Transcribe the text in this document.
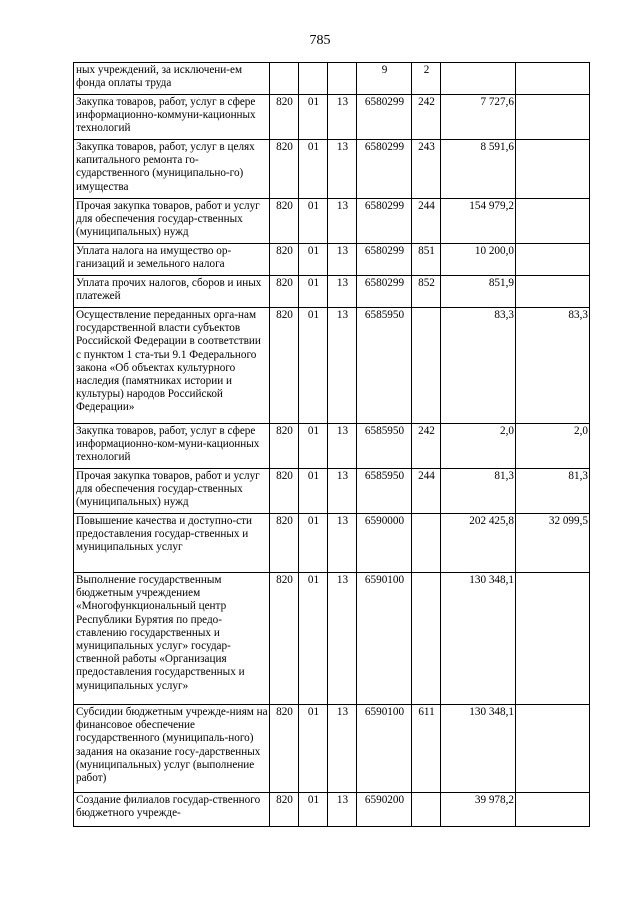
785
ных учреждений, за исключени-ем фонда оплаты труда				9	2		
Закупка товаров, работ, услуг в сфере информационно-коммуни-кационных технологий	820	01	13	6580299	242	7 727,6	
Закупка товаров, работ, услуг в целях капитального ремонта го-сударственного (муниципально-го) имущества	820	01	13	6580299	243	8 591,6	
Прочая закупка товаров, работ и услуг для обеспечения государ-ственных (муниципальных) нужд	820	01	13	6580299	244	154 979,2	
Уплата налога на имущество ор-ганизаций и земельного налога	820	01	13	6580299	851	10 200,0	
Уплата прочих налогов, сборов и иных платежей	820	01	13	6580299	852	851,9	
Осуществление переданных орга-нам государственной власти субъектов Российской Федерации в соответствии с пунктом 1 ста-тьи 9.1 Федерального закона «Об объектах культурного наследия (памятниках истории и культуры) народов Российской Федерации»	820	01	13	6585950		83,3	83,3
Закупка товаров, работ, услуг в сфере информационно-ком-муни-кационных технологий	820	01	13	6585950	242	2,0	2,0
Прочая закупка товаров, работ и услуг для обеспечения государ-ственных (муниципальных) нужд	820	01	13	6585950	244	81,3	81,3
Повышение качества и доступно-сти предоставления государ-ственных и муниципальных услуг	820	01	13	6590000		202 425,8	32 099,5
Выполнение государственным бюджетным учреждением «Многофункциональный центр Республики Бурятия по предо-ставлению государственных и муниципальных услуг» государ-ственной работы «Организация предоставления государственных и муниципальных услуг»	820	01	13	6590100		130 348,1	
Субсидии бюджетным учрежде-ниям на финансовое обеспечение государственного (муниципаль-ного) задания на оказание госу-дарственных (муниципальных) услуг (выполнение работ)	820	01	13	6590100	611	130 348,1	
Создание филиалов государ-ственного бюджетного учрежде-	820	01	13	6590200		39 978,2	
